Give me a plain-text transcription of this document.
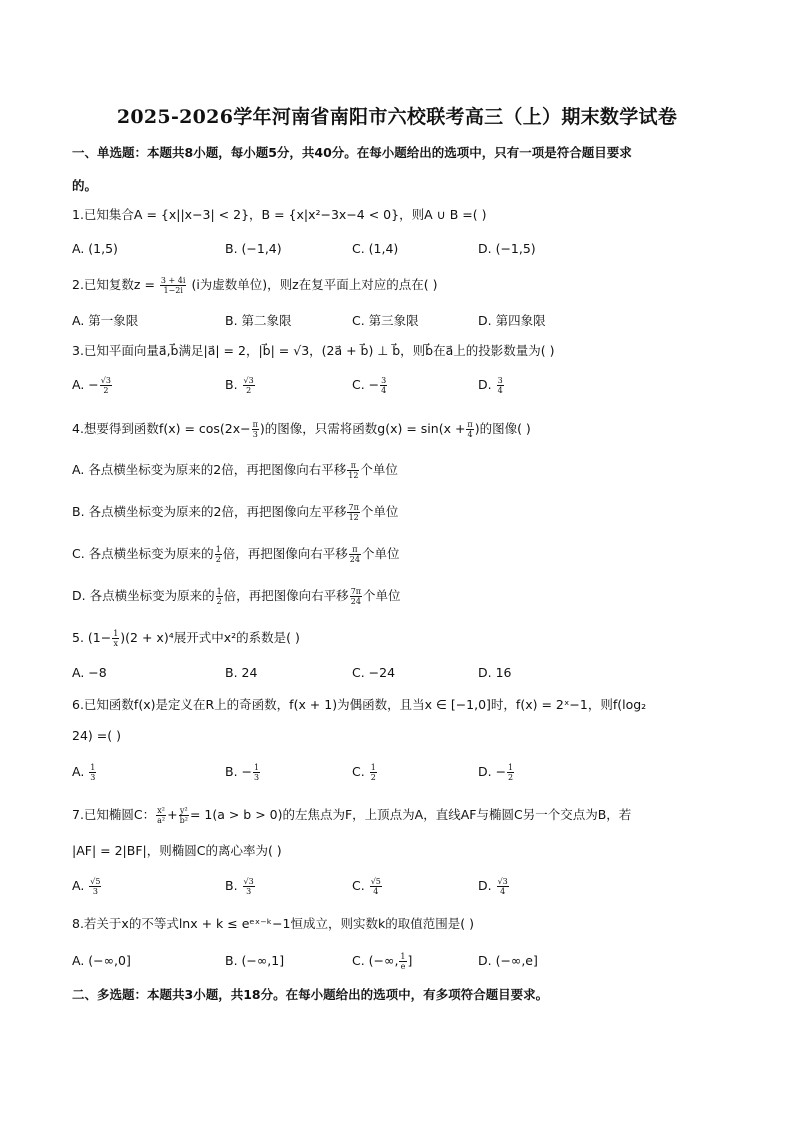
2025-2026学年河南省南阳市六校联考高三（上）期末数学试卷
一、单选题：本题共8小题，每小题5分，共40分。在每小题给出的选项中，只有一项是符合题目要求
的。
1.已知集合A = {x||x−3| < 2}，B = {x|x²−3x−4 < 0}，则A ∪ B =( )
A. (1,5)	B. (−1,4)	C. (1,4)	D. (−1,5)
2.已知复数$z = \frac{3 + 4i}{1-2i} (i$为虚数单位)，则z在复平面上对应的点在( )
A. 第一象限	B. 第二象限	C. 第三象限	D. 第四象限
3.已知平面向量a⃗,b⃗满足|a⃗| = 2，|b⃗| = √3，(2a⃗ + b⃗) ⊥ b⃗，则b⃗在a⃗上的投影数量为( )
A. − $\frac{√3}{2}$	B. $\frac{√3}{2}$	C. − $\frac{3}{4}$	D. $\frac{3}{4}$
4.想要得到函数$f(x) = \cos(2x- \frac{\pi}{3}$ )的图像，只需将函数$g(x) = \sin(x + \frac{\pi}{4}$ )的图像( )
A. 各点横坐标变为原来的2倍，再把图像向右平移 $\frac{\pi}{12}$ 个单位
B. 各点横坐标变为原来的2倍，再把图像向左平移 $\frac{7\pi}{12}$ 个单位
C. 各点横坐标变为原来的 $\frac{1}{2}$ 倍，再把图像向右平移 $\frac{\pi}{24}$ 个单位
D. 各点横坐标变为原来的 $\frac{1}{2}$ 倍，再把图像向右平移 $\frac{7\pi}{24}$ 个单位
5. $(1- \frac{1}{x} )(2 + x)^4$展开式中x²的系数是( )
A. −8	B. 24	C. −24	D. 16
6.已知函数f(x)是定义在R上的奇函数，f(x + 1)为偶函数，且当x ∈ [−1,0]时，f(x) = 2ˣ−1，则f(log₂
24) =( )
A. $\frac{1}{3}$	B. − $\frac{1}{3}$	C. $\frac{1}{2}$	D. − $\frac{1}{2}$
7.已知椭圆C： $\frac{\text{x²}}{\text{a²}} + \frac{\text{y²}}{\text{b²}} = 1(a > b > 0)$的左焦点为F，上顶点为A，直线AF与椭圆C另一个交点为B，若
|AF| = 2|BF|，则椭圆C的离心率为( )
A. $\frac{√5}{3}$	B. $\frac{√3}{3}$	C. $\frac{√5}{4}$	D. $\frac{√3}{4}$
8.若关于x的不等式lnx + k ≤ eᵉˣ⁻ᵏ−1恒成立，则实数k的取值范围是( )
A. (−∞,0]	B. (−∞,1]	C. (−∞, $\frac{1}{e}$ ]	D. (−∞,e]
二、多选题：本题共3小题，共18分。在每小题给出的选项中，有多项符合题目要求。
